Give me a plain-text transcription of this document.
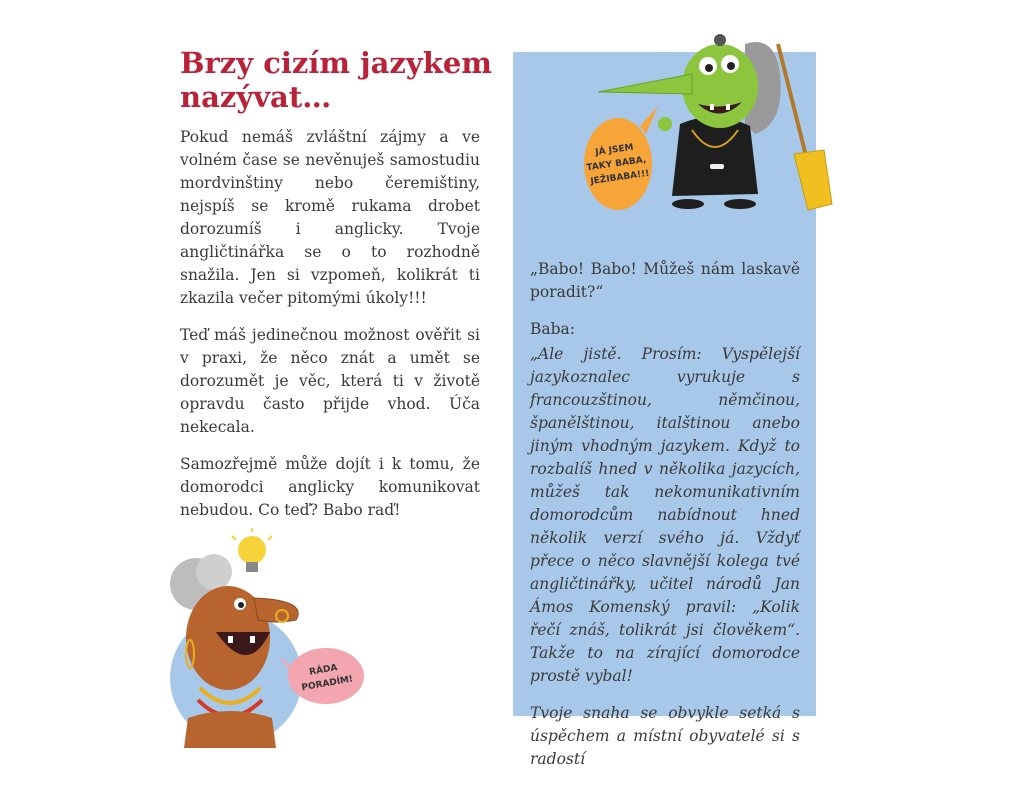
Brzy cizím jazykem nazývat…

Pokud nemáš zvláštní zájmy a ve volném čase se nevěnuješ samostudiu mordvinštiny nebo čeremištiny, nejspíš se kromě rukama drobet dorozumíš i anglicky. Tvoje angličtinářka se o to rozhodně snažila. Jen si vzpomeň, kolikrát ti zkazila večer pitomými úkoly!!!

Teď máš jedinečnou možnost ověřit si v praxi, že něco znát a umět se dorozumět je věc, která ti v životě opravdu často přijde vhod. Úča nekecala.

Samozřejmě může dojít i k tomu, že domorodci anglicky komunikovat nebudou. Co teď? Babo raď!

JÁ JSEM TAKY BABA, JEŽIBABA!!!

„Babo! Babo! Můžeš nám laskavě poradit?“

Baba:

„Ale jistě. Prosím: Vyspělejší jazykoznalec vyrukuje s francouzštinou, němčinou, španělštinou, italštinou anebo jiným vhodným jazykem. Když to rozbalíš hned v několika jazycích, můžeš tak nekomunikativním domorodcům nabídnout hned několik verzí svého já. Vždyť přece o něco slavnější kolega tvé angličtinářky, učitel národů Jan Ámos Komenský pravil: „Kolik řečí znáš, tolikrát jsi člověkem“. Takže to na zírající domorodce prostě vybal!

Tvoje snaha se obvykle setká s úspěchem a místní obyvatelé si s radostí

RÁDA PORADÍM!
